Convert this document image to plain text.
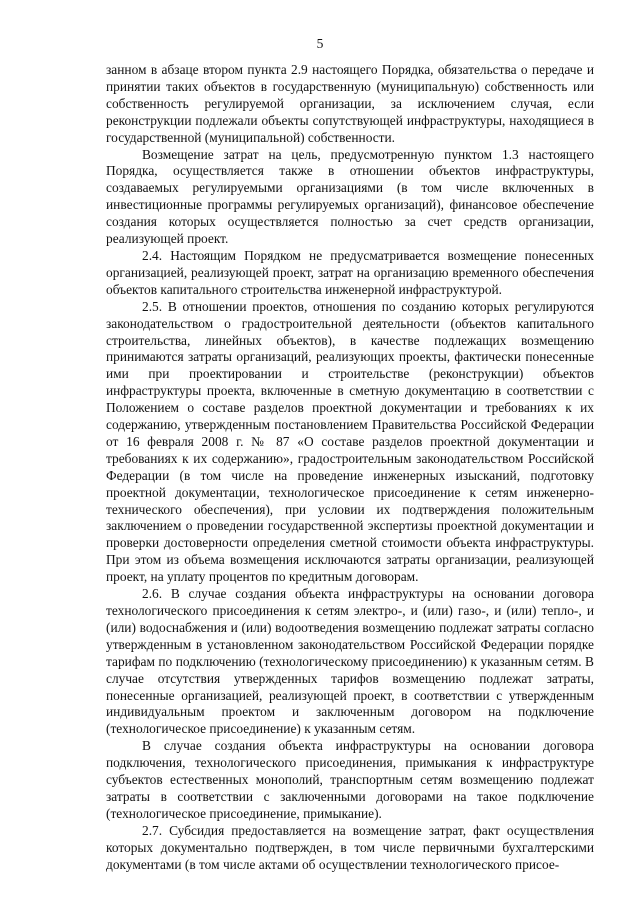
5

занном в абзаце втором пункта 2.9 настоящего Порядка, обязательства о передаче и принятии таких объектов в государственную (муниципальную) собственность или собственность регулируемой организации, за исключением случая, если реконструкции подлежали объекты сопутствующей инфраструктуры, находящиеся в государственной (муниципальной) собственности.

Возмещение затрат на цель, предусмотренную пунктом 1.3 настоящего Порядка, осуществляется также в отношении объектов инфраструктуры, создаваемых регулируемыми организациями (в том числе включенных в инвестиционные программы регулируемых организаций), финансовое обеспечение создания которых осуществляется полностью за счет средств организации, реализующей проект.

2.4. Настоящим Порядком не предусматривается возмещение понесенных организацией, реализующей проект, затрат на организацию временного обеспечения объектов капитального строительства инженерной инфраструктурой.

2.5. В отношении проектов, отношения по созданию которых регулируются законодательством о градостроительной деятельности (объектов капитального строительства, линейных объектов), в качестве подлежащих возмещению принимаются затраты организаций, реализующих проекты, фактически понесенные ими при проектировании и строительстве (реконструкции) объектов инфраструктуры проекта, включенные в сметную документацию в соответствии с Положением о составе разделов проектной документации и требованиях к их содержанию, утвержденным постановлением Правительства Российской Федерации от 16 февраля 2008 г. № 87 «О составе разделов проектной документации и требованиях к их содержанию», градостроительным законодательством Российской Федерации (в том числе на проведение инженерных изысканий, подготовку проектной документации, технологическое присоединение к сетям инженерно-технического обеспечения), при условии их подтверждения положительным заключением о проведении государственной экспертизы проектной документации и проверки достоверности определения сметной стоимости объекта инфраструктуры. При этом из объема возмещения исключаются затраты организации, реализующей проект, на уплату процентов по кредитным договорам.

2.6. В случае создания объекта инфраструктуры на основании договора технологического присоединения к сетям электро-, и (или) газо-, и (или) тепло-, и (или) водоснабжения и (или) водоотведения возмещению подлежат затраты согласно утвержденным в установленном законодательством Российской Федерации порядке тарифам по подключению (технологическому присоединению) к указанным сетям. В случае отсутствия утвержденных тарифов возмещению подлежат затраты, понесенные организацией, реализующей проект, в соответствии с утвержденным индивидуальным проектом и заключенным договором на подключение (технологическое присоединение) к указанным сетям.

В случае создания объекта инфраструктуры на основании договора подключения, технологического присоединения, примыкания к инфраструктуре субъектов естественных монополий, транспортным сетям возмещению подлежат затраты в соответствии с заключенными договорами на такое подключение (технологическое присоединение, примыкание).

2.7. Субсидия предоставляется на возмещение затрат, факт осуществления которых документально подтвержден, в том числе первичными бухгалтерскими документами (в том числе актами об осуществлении технологического присое-
